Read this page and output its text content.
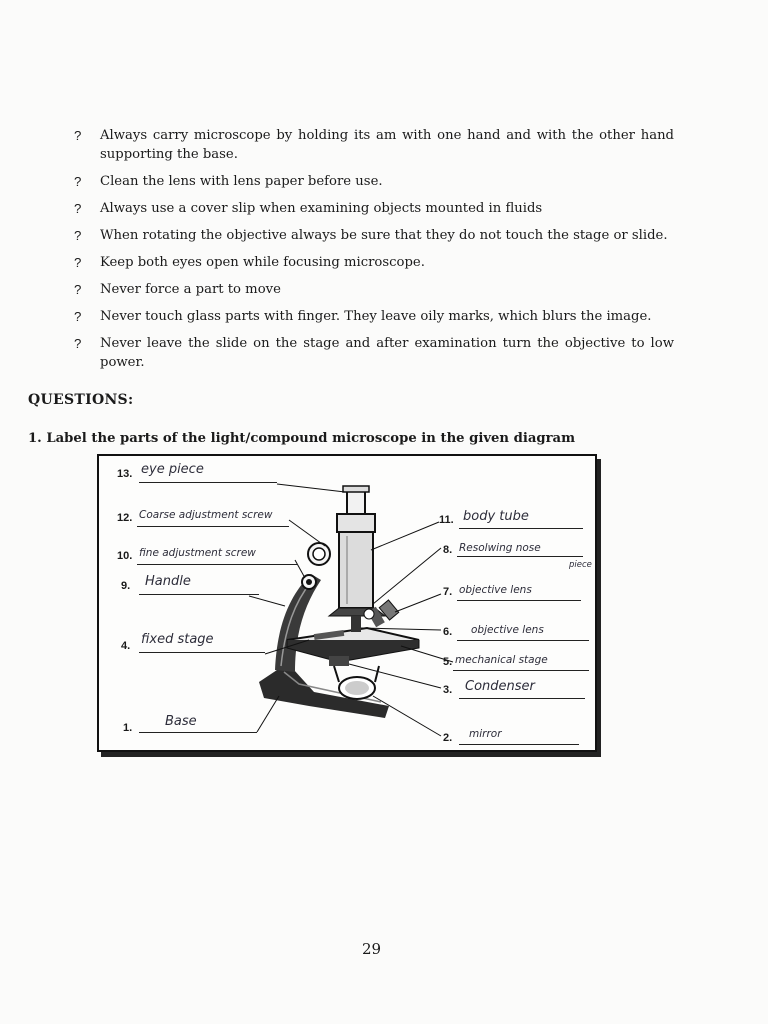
?	Always carry microscope by holding its am with one hand and with the other hand supporting the base.
?	Clean the lens with lens paper before use.
?	Always use a cover slip when examining objects mounted in fluids
?	When rotating the objective always be sure that they do not touch the stage or slide.
?	Keep both eyes open while focusing microscope.
?	Never force a part to move
?	Never touch glass parts with finger. They leave oily marks, which blurs the image.
?	Never leave the slide on the stage and after examination turn the objective to low power.
QUESTIONS:
1. Label the parts of the light/compound microscope in the given diagram
13. eye piece
12. Coarse adjustment screw
10. fine adjustment screw
9. Handle
4. fixed stage
1.	Base
11. body tube
8. Resolwing nose
piece
7. objective lens
6. objective lens
5. mechanical stage
3. Condenser
2. mirror
29
